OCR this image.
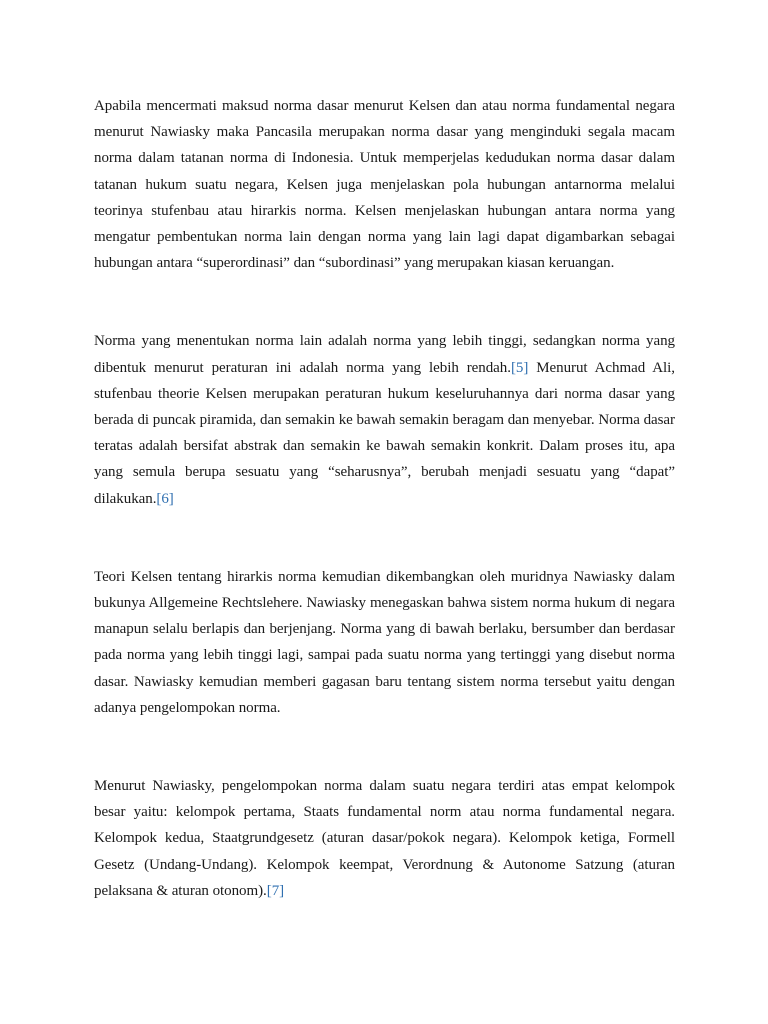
Apabila mencermati maksud norma dasar menurut Kelsen dan atau norma fundamental negara menurut Nawiasky maka Pancasila merupakan norma dasar yang menginduki segala macam norma dalam tatanan norma di Indonesia. Untuk memperjelas kedudukan norma dasar dalam tatanan hukum suatu negara, Kelsen juga menjelaskan pola hubungan antarnorma melalui teorinya stufenbau atau hirarkis norma. Kelsen menjelaskan hubungan antara norma yang mengatur pembentukan norma lain dengan norma yang lain lagi dapat digambarkan sebagai hubungan antara “superordinasi” dan “subordinasi” yang merupakan kiasan keruangan.

Norma yang menentukan norma lain adalah norma yang lebih tinggi, sedangkan norma yang dibentuk menurut peraturan ini adalah norma yang lebih rendah.[5] Menurut Achmad Ali, stufenbau theorie Kelsen merupakan peraturan hukum keseluruhannya dari norma dasar yang berada di puncak piramida, dan semakin ke bawah semakin beragam dan menyebar. Norma dasar teratas adalah bersifat abstrak dan semakin ke bawah semakin konkrit. Dalam proses itu, apa yang semula berupa sesuatu yang “seharusnya”, berubah menjadi sesuatu yang “dapat” dilakukan.[6]

Teori Kelsen tentang hirarkis norma kemudian dikembangkan oleh muridnya Nawiasky dalam bukunya Allgemeine Rechtslehere. Nawiasky menegaskan bahwa sistem norma hukum di negara manapun selalu berlapis dan berjenjang. Norma yang di bawah berlaku, bersumber dan berdasar pada norma yang lebih tinggi lagi, sampai pada suatu norma yang tertinggi yang disebut norma dasar. Nawiasky kemudian memberi gagasan baru tentang sistem norma tersebut yaitu dengan adanya pengelompokan norma.

Menurut Nawiasky, pengelompokan norma dalam suatu negara terdiri atas empat kelompok besar yaitu: kelompok pertama, Staats fundamental norm atau norma fundamental negara. Kelompok kedua, Staatgrundgesetz (aturan dasar/pokok negara). Kelompok ketiga, Formell Gesetz (Undang-Undang). Kelompok keempat, Verordnung & Autonome Satzung (aturan pelaksana & aturan otonom).[7]
